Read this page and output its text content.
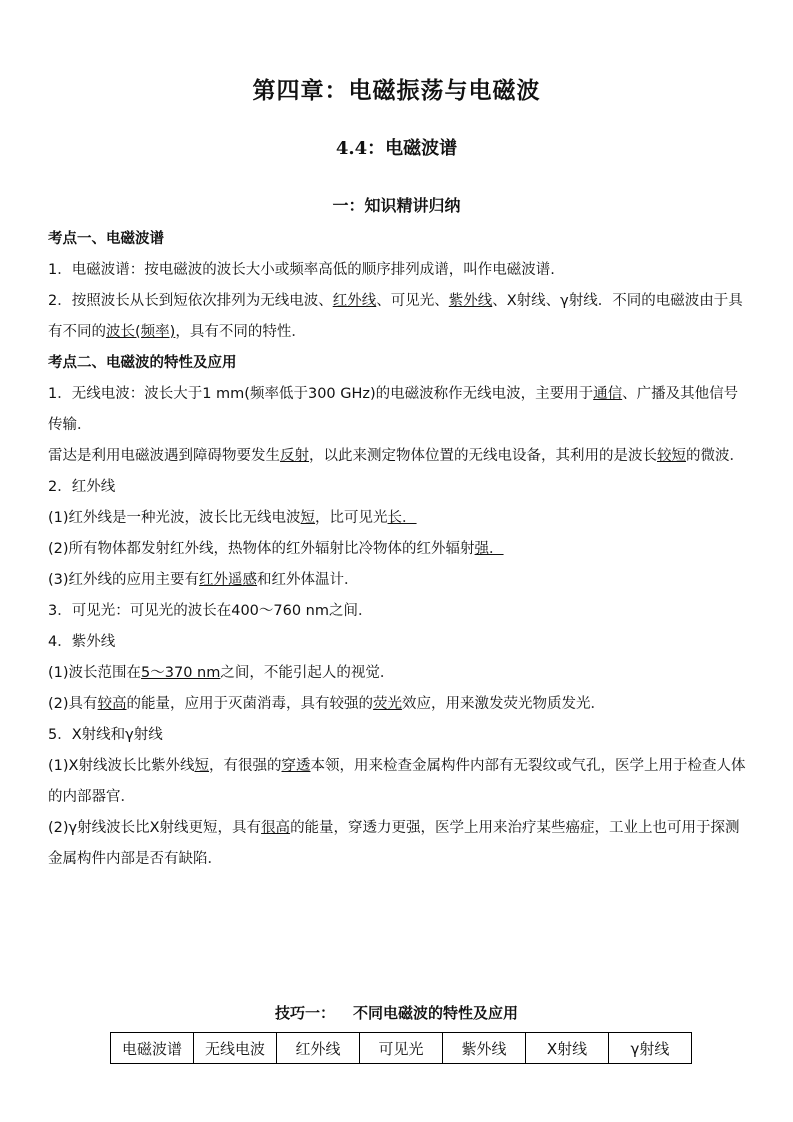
第四章：电磁振荡与电磁波
4.4：电磁波谱
一：知识精讲归纳

考点一、电磁波谱

1．电磁波谱：按电磁波的波长大小或频率高低的顺序排列成谱，叫作电磁波谱.

2．按照波长从长到短依次排列为无线电波、红外线、可见光、紫外线、X射线、γ射线．不同的电磁波由于具有不同的波长(频率)，具有不同的特性．

考点二、电磁波的特性及应用

1．无线电波：波长大于1 mm(频率低于300 GHz)的电磁波称作无线电波，主要用于通信、广播及其他信号传输．

雷达是利用电磁波遇到障碍物要发生反射，以此来测定物体位置的无线电设备，其利用的是波长较短的微波．

2．红外线

(1)红外线是一种光波，波长比无线电波短，比可见光长．

(2)所有物体都发射红外线，热物体的红外辐射比冷物体的红外辐射强．

(3)红外线的应用主要有红外遥感和红外体温计．

3．可见光：可见光的波长在400～760 nm之间．

4．紫外线

(1)波长范围在5～370 nm之间，不能引起人的视觉．

(2)具有较高的能量，应用于灭菌消毒，具有较强的荧光效应，用来激发荧光物质发光．

5．X射线和γ射线

(1)X射线波长比紫外线短，有很强的穿透本领，用来检查金属构件内部有无裂纹或气孔，医学上用于检查人体的内部器官．

(2)γ射线波长比X射线更短，具有很高的能量，穿透力更强，医学上用来治疗某些癌症，工业上也可用于探测金属构件内部是否有缺陷．

技巧一： 不同电磁波的特性及应用

电磁波谱	无线电波	红外线	可见光	紫外线	X射线	γ射线
